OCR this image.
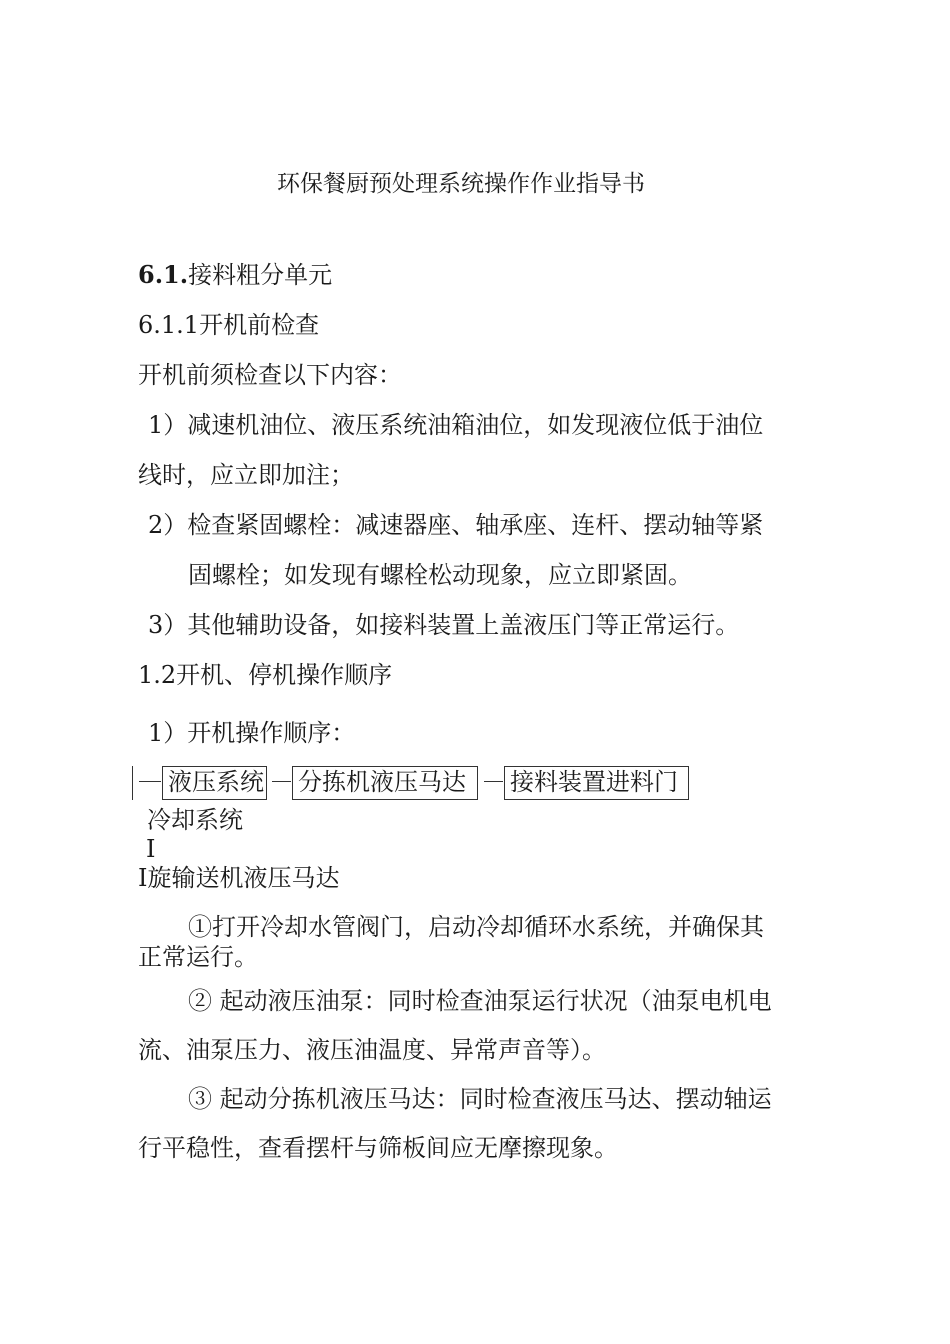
环保餐厨预处理系统操作作业指导书
6.1.接料粗分单元
6.1.1开机前检查
开机前须检查以下内容：
1）减速机油位、液压系统油箱油位，如发现液位低于油位
线时，应立即加注；
2）检查紧固螺栓：减速器座、轴承座、连杆、摆动轴等紧
固螺栓；如发现有螺栓松动现象，应立即紧固。
3）其他辅助设备，如接料装置上盖液压门等正常运行。
1.2开机、停机操作顺序
1）开机操作顺序：
液压系统 分拣机液压马达 接料装置进料门
冷却系统
I
I旋输送机液压马达
①打开冷却水管阀门，启动冷却循环水系统，并确保其
正常运行。
② 起动液压油泵：同时检查油泵运行状况（油泵电机电
流、油泵压力、液压油温度、异常声音等）。
③ 起动分拣机液压马达：同时检查液压马达、摆动轴运
行平稳性，查看摆杆与筛板间应无摩擦现象。
